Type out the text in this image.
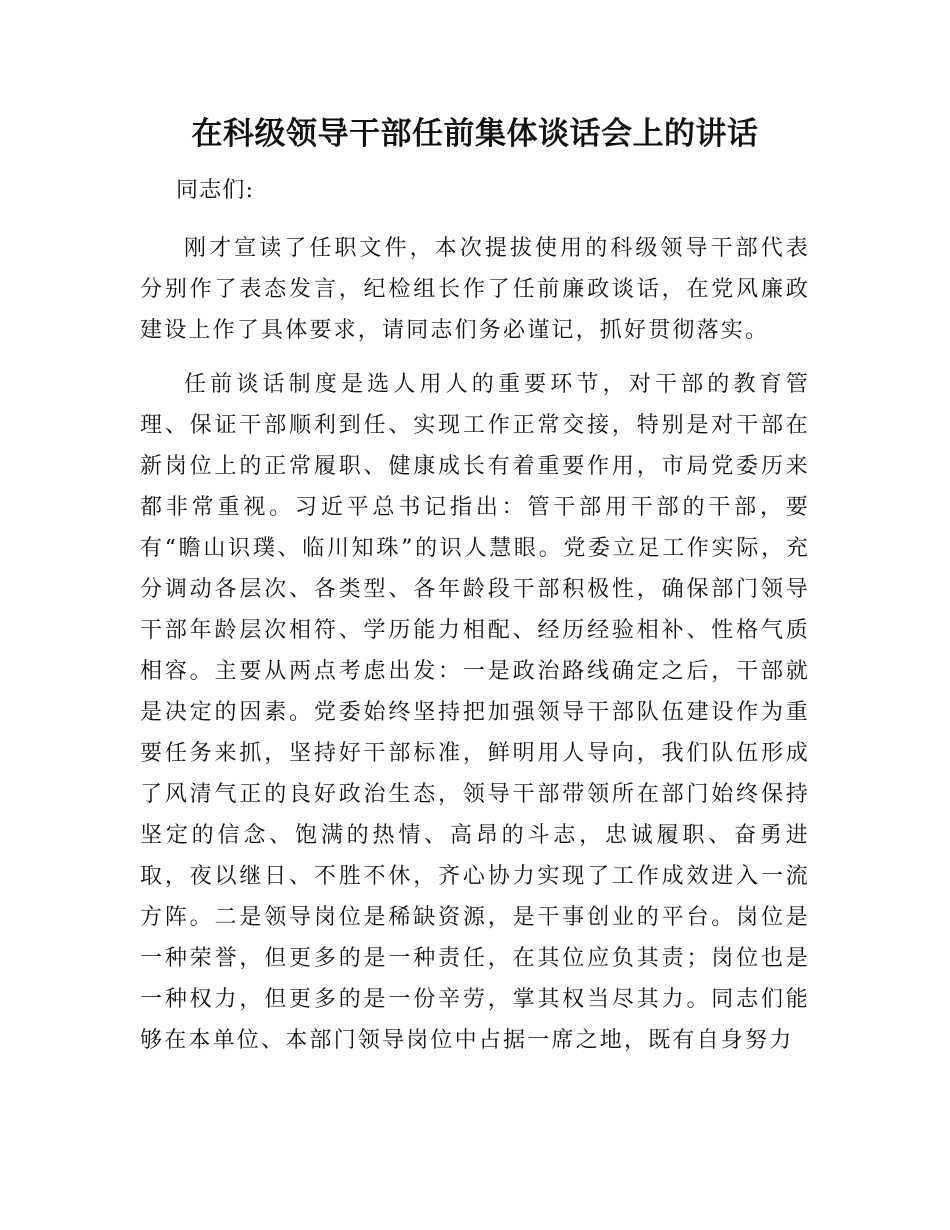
在科级领导干部任前集体谈话会上的讲话
同志们:

刚才宣读了任职文件，本次提拔使用的科级领导干部代表分别作了表态发言，纪检组长作了任前廉政谈话，在党风廉政建设上作了具体要求，请同志们务必谨记，抓好贯彻落实。

任前谈话制度是选人用人的重要环节，对干部的教育管理、保证干部顺利到任、实现工作正常交接，特别是对干部在新岗位上的正常履职、健康成长有着重要作用，市局党委历来都非常重视。习近平总书记指出：管干部用干部的干部，要有“瞻山识璞、临川知珠”的识人慧眼。党委立足工作实际，充分调动各层次、各类型、各年龄段干部积极性，确保部门领导干部年龄层次相符、学历能力相配、经历经验相补、性格气质相容。主要从两点考虑出发：一是政治路线确定之后，干部就是决定的因素。党委始终坚持把加强领导干部队伍建设作为重要任务来抓，坚持好干部标准，鲜明用人导向，我们队伍形成了风清气正的良好政治生态，领导干部带领所在部门始终保持坚定的信念、饱满的热情、高昂的斗志，忠诚履职、奋勇进取，夜以继日、不胜不休，齐心协力实现了工作成效进入一流方阵。二是领导岗位是稀缺资源，是干事创业的平台。岗位是一种荣誉，但更多的是一种责任，在其位应负其责；岗位也是一种权力，但更多的是一份辛劳，掌其权当尽其力。同志们能够在本单位、本部门领导岗位中占据一席之地，既有自身努力
